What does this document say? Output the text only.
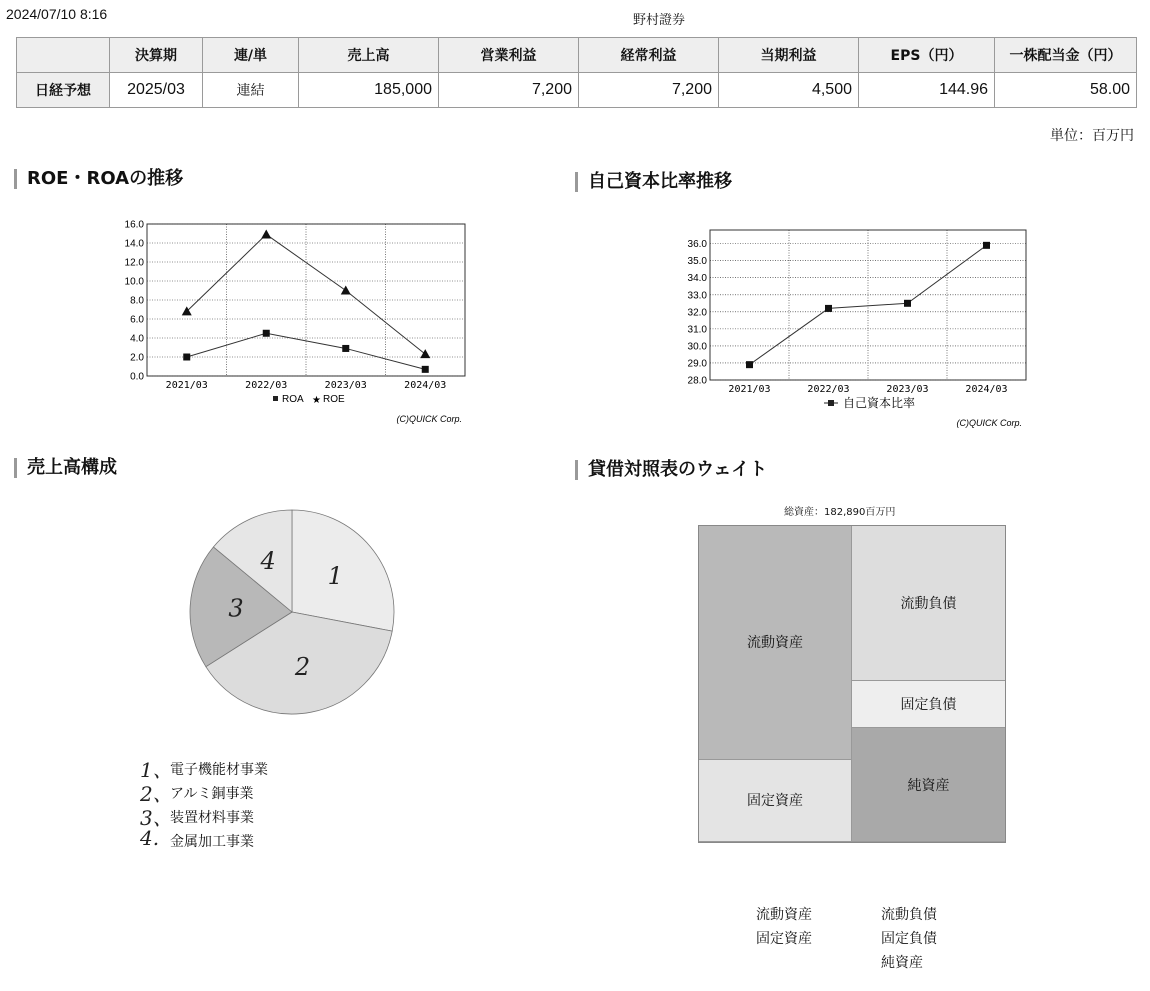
2024/07/10 8:16	野村證券
	決算期	連/単	売上高	営業利益	経常利益	当期利益	EPS（円）	一株配当金（円）
日経予想	2025/03	連結	185,000	7,200	7,200	4,500	144.96	58.00
単位：百万円
ROE・ROAの推移	自己資本比率推移
売上高構成	貸借対照表のウェイト
0.0
2.0
4.0
6.0
8.0
10.0
12.0
14.0
16.0
2021/03	2022/03	2023/03	2024/03
ROA ★ ROE
(C)QUICK Corp.
28.0
29.0
30.0
31.0
32.0
33.0
34.0
35.0
36.0
2021/03	2022/03	2023/03	2024/03
自己資本比率
(C)QUICK Corp.
1
2
3
4
1、
電子機能材事業
2、
アルミ銅事業
3、
装置材料事業
4. 金属加工事業
総資産：182,890百万円
流動資産
固定資産
流動負債
固定負債
純資産
流動資産
固定資産
流動負債
固定負債
純資産
